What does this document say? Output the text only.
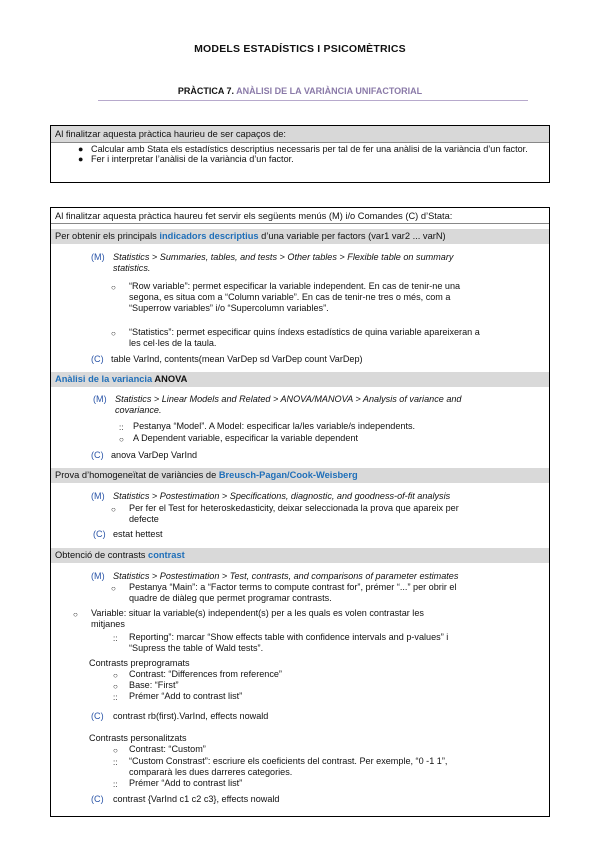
MODELS ESTADÍSTICS I PSICOMÈTRICS
PRÀCTICA 7. ANÀLISI DE LA VARIÀNCIA UNIFACTORIAL
Al finalitzar aquesta pràctica haurieu de ser capaços de:
● Calcular amb Stata els estadístics descriptius necessaris per tal de fer una anàlisi de la variància d’un factor.
● Fer i interpretar l’anàlisi de la variància d’un factor.
Al finalitzar aquesta pràctica haureu fet servir els següents menús (M) i/o Comandes (C) d’Stata:
Per obtenir els principals indicadors descriptius d’una variable per factors (var1 var2 ... varN)
(M) Statistics > Summaries, tables, and tests > Other tables > Flexible table on summary
statistics.
○ “Row variable”: permet especificar la variable independent. En cas de tenir-ne una
segona, es situa com a “Column variable”. En cas de tenir-ne tres o més, com a
“Superrow variables” i/o “Supercolumn variables”.
○ “Statistics”: permet especificar quins índexs estadístics de quina variable apareixeran a
les cel·les de la taula.
(C) table VarInd, contents(mean VarDep sd VarDep count VarDep)
Anàlisi de la variancia ANOVA
(M) Statistics > Linear Models and Related > ANOVA/MANOVA > Analysis of variance and
covariance.
:: Pestanya “Model”. A Model: especificar la/les variable/s independents.
○ A Dependent variable, especificar la variable dependent
(C) anova VarDep VarInd
Prova d’homogeneïtat de variàncies de Breusch-Pagan/Cook-Weisberg
(M) Statistics > Postestimation > Specifications, diagnostic, and goodness-of-fit analysis
○ Per fer el Test for heteroskedasticity, deixar seleccionada la prova que apareix per
defecte
(C) estat hettest
Obtenció de contrasts contrast
(M) Statistics > Postestimation > Test, contrasts, and comparisons of parameter estimates
○ Pestanya “Main”: a “Factor terms to compute contrast for”, prémer “...” per obrir el
quadre de diàleg que permet programar contrasts.
○ Variable: situar la variable(s) independent(s) per a les quals es volen contrastar les
mitjanes
:: Reporting”: marcar “Show effects table with confidence intervals and p-values” i
“Supress the table of Wald tests”.
Contrasts preprogramats
○ Contrast: “Differences from reference”
○ Base: “First”
:: Prémer “Add to contrast list”
(C) contrast rb(first).VarInd, effects nowald
Contrasts personalitzats
○ Contrast: “Custom”
:: “Custom Constrast”: escriure els coeficients del contrast. Per exemple, “0 -1 1”,
compararà les dues darreres categories.
:: Prémer “Add to contrast list”
(C) contrast {VarInd c1 c2 c3}, effects nowald
